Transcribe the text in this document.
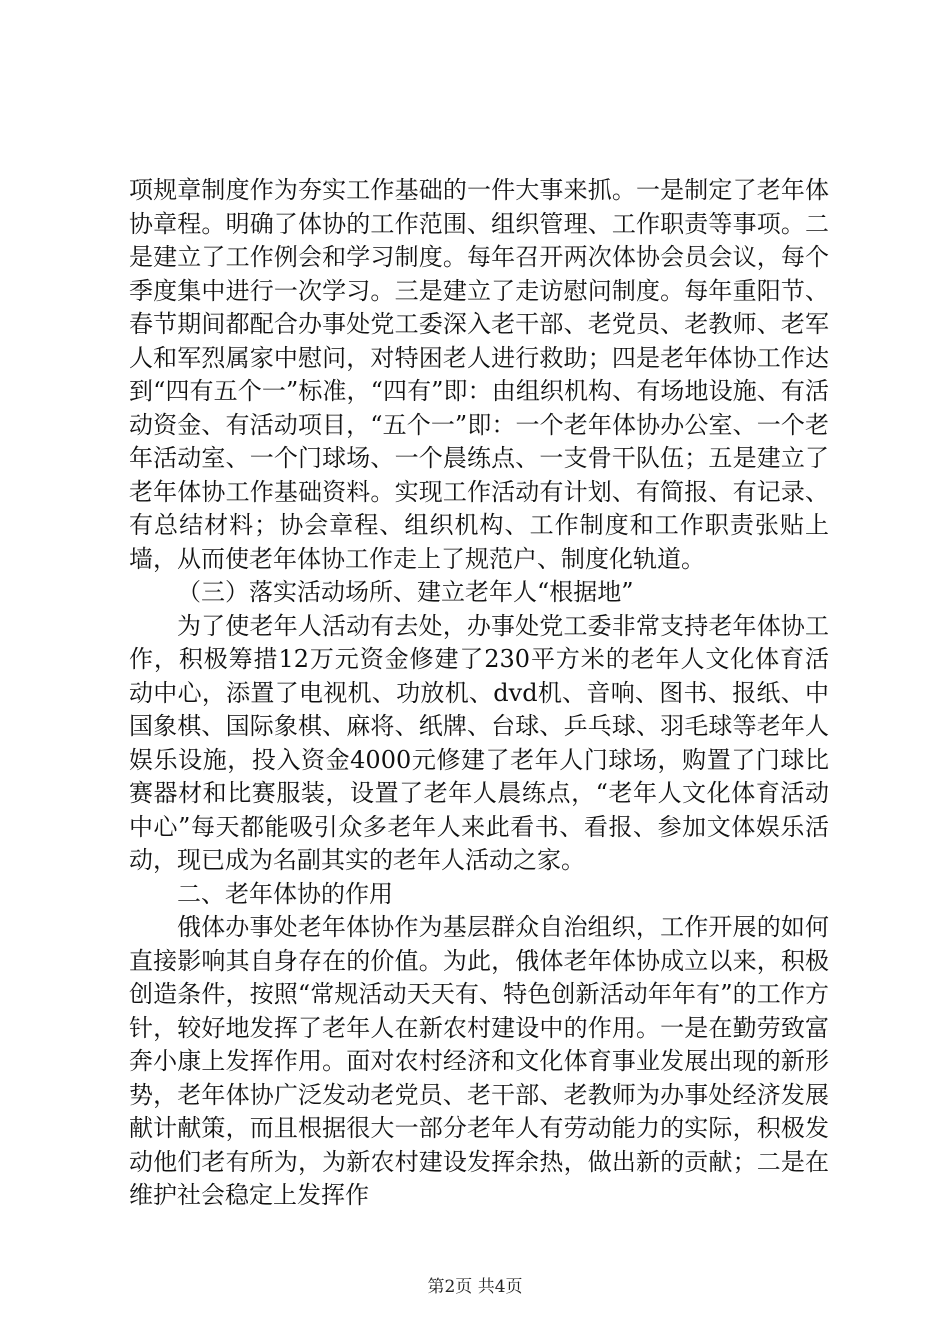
项规章制度作为夯实工作基础的一件大事来抓。一是制定了老年体协章程。明确了体协的工作范围、组织管理、工作职责等事项。二是建立了工作例会和学习制度。每年召开两次体协会员会议，每个季度集中进行一次学习。三是建立了走访慰问制度。每年重阳节、春节期间都配合办事处党工委深入老干部、老党员、老教师、老军人和军烈属家中慰问，对特困老人进行救助；四是老年体协工作达到“四有五个一”标准，“四有”即：由组织机构、有场地设施、有活动资金、有活动项目，“五个一”即：一个老年体协办公室、一个老年活动室、一个门球场、一个晨练点、一支骨干队伍；五是建立了老年体协工作基础资料。实现工作活动有计划、有简报、有记录、有总结材料；协会章程、组织机构、工作制度和工作职责张贴上墙，从而使老年体协工作走上了规范户、制度化轨道。

（三）落实活动场所、建立老年人“根据地”

为了使老年人活动有去处，办事处党工委非常支持老年体协工作，积极筹措12万元资金修建了230平方米的老年人文化体育活动中心，添置了电视机、功放机、dvd机、音响、图书、报纸、中国象棋、国际象棋、麻将、纸牌、台球、乒乓球、羽毛球等老年人娱乐设施，投入资金4000元修建了老年人门球场，购置了门球比赛器材和比赛服装，设置了老年人晨练点，“老年人文化体育活动中心”每天都能吸引众多老年人来此看书、看报、参加文体娱乐活动，现已成为名副其实的老年人活动之家。

二、老年体协的作用

俄体办事处老年体协作为基层群众自治组织，工作开展的如何直接影响其自身存在的价值。为此，俄体老年体协成立以来，积极创造条件，按照“常规活动天天有、特色创新活动年年有”的工作方针，较好地发挥了老年人在新农村建设中的作用。一是在勤劳致富奔小康上发挥作用。面对农村经济和文化体育事业发展出现的新形势，老年体协广泛发动老党员、老干部、老教师为办事处经济发展献计献策，而且根据很大一部分老年人有劳动能力的实际，积极发动他们老有所为，为新农村建设发挥余热，做出新的贡献；二是在维护社会稳定上发挥作

第2页 共4页
